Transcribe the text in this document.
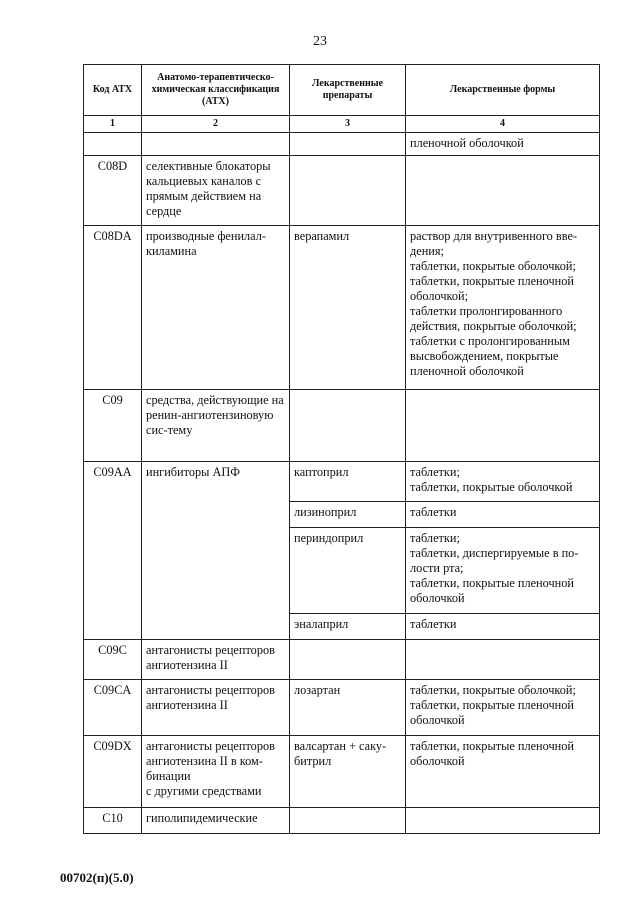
23
Код АТХ	Анатомо-терапевтическо-химическая классификация (АТХ)	Лекарственные препараты	Лекарственные формы
1	2	3	4
			пленочной оболочкой
C08D	селективные блокаторы кальциевых каналов с прямым действием на сердце		
C08DA	производные фенилал-киламина	верапамил	раствор для внутривенного вве-дения;
таблетки, покрытые оболочкой;
таблетки, покрытые пленочной оболочкой;
таблетки пролонгированного действия, покрытые оболочкой;
таблетки с пролонгированным высвобождением, покрытые пленочной оболочкой
C09	средства, действующие на ренин-ангиотензиновую сис-тему		
C09AA	ингибиторы АПФ	каптоприл	таблетки;
таблетки, покрытые оболочкой
		лизиноприл	таблетки
		периндоприл	таблетки;
таблетки, диспергируемые в по-лости рта;
таблетки, покрытые пленочной оболочкой
		эналаприл	таблетки
C09C	антагонисты рецепторов ангиотензина II		
C09CA	антагонисты рецепторов ангиотензина II	лозартан	таблетки, покрытые оболочкой;
таблетки, покрытые пленочной оболочкой
C09DX	антагонисты рецепторов ангиотензина II в ком-бинации
с другими средствами	валсартан + саку-битрил	таблетки, покрытые пленочной оболочкой
C10	гиполипидемические		
00702(п)(5.0)
